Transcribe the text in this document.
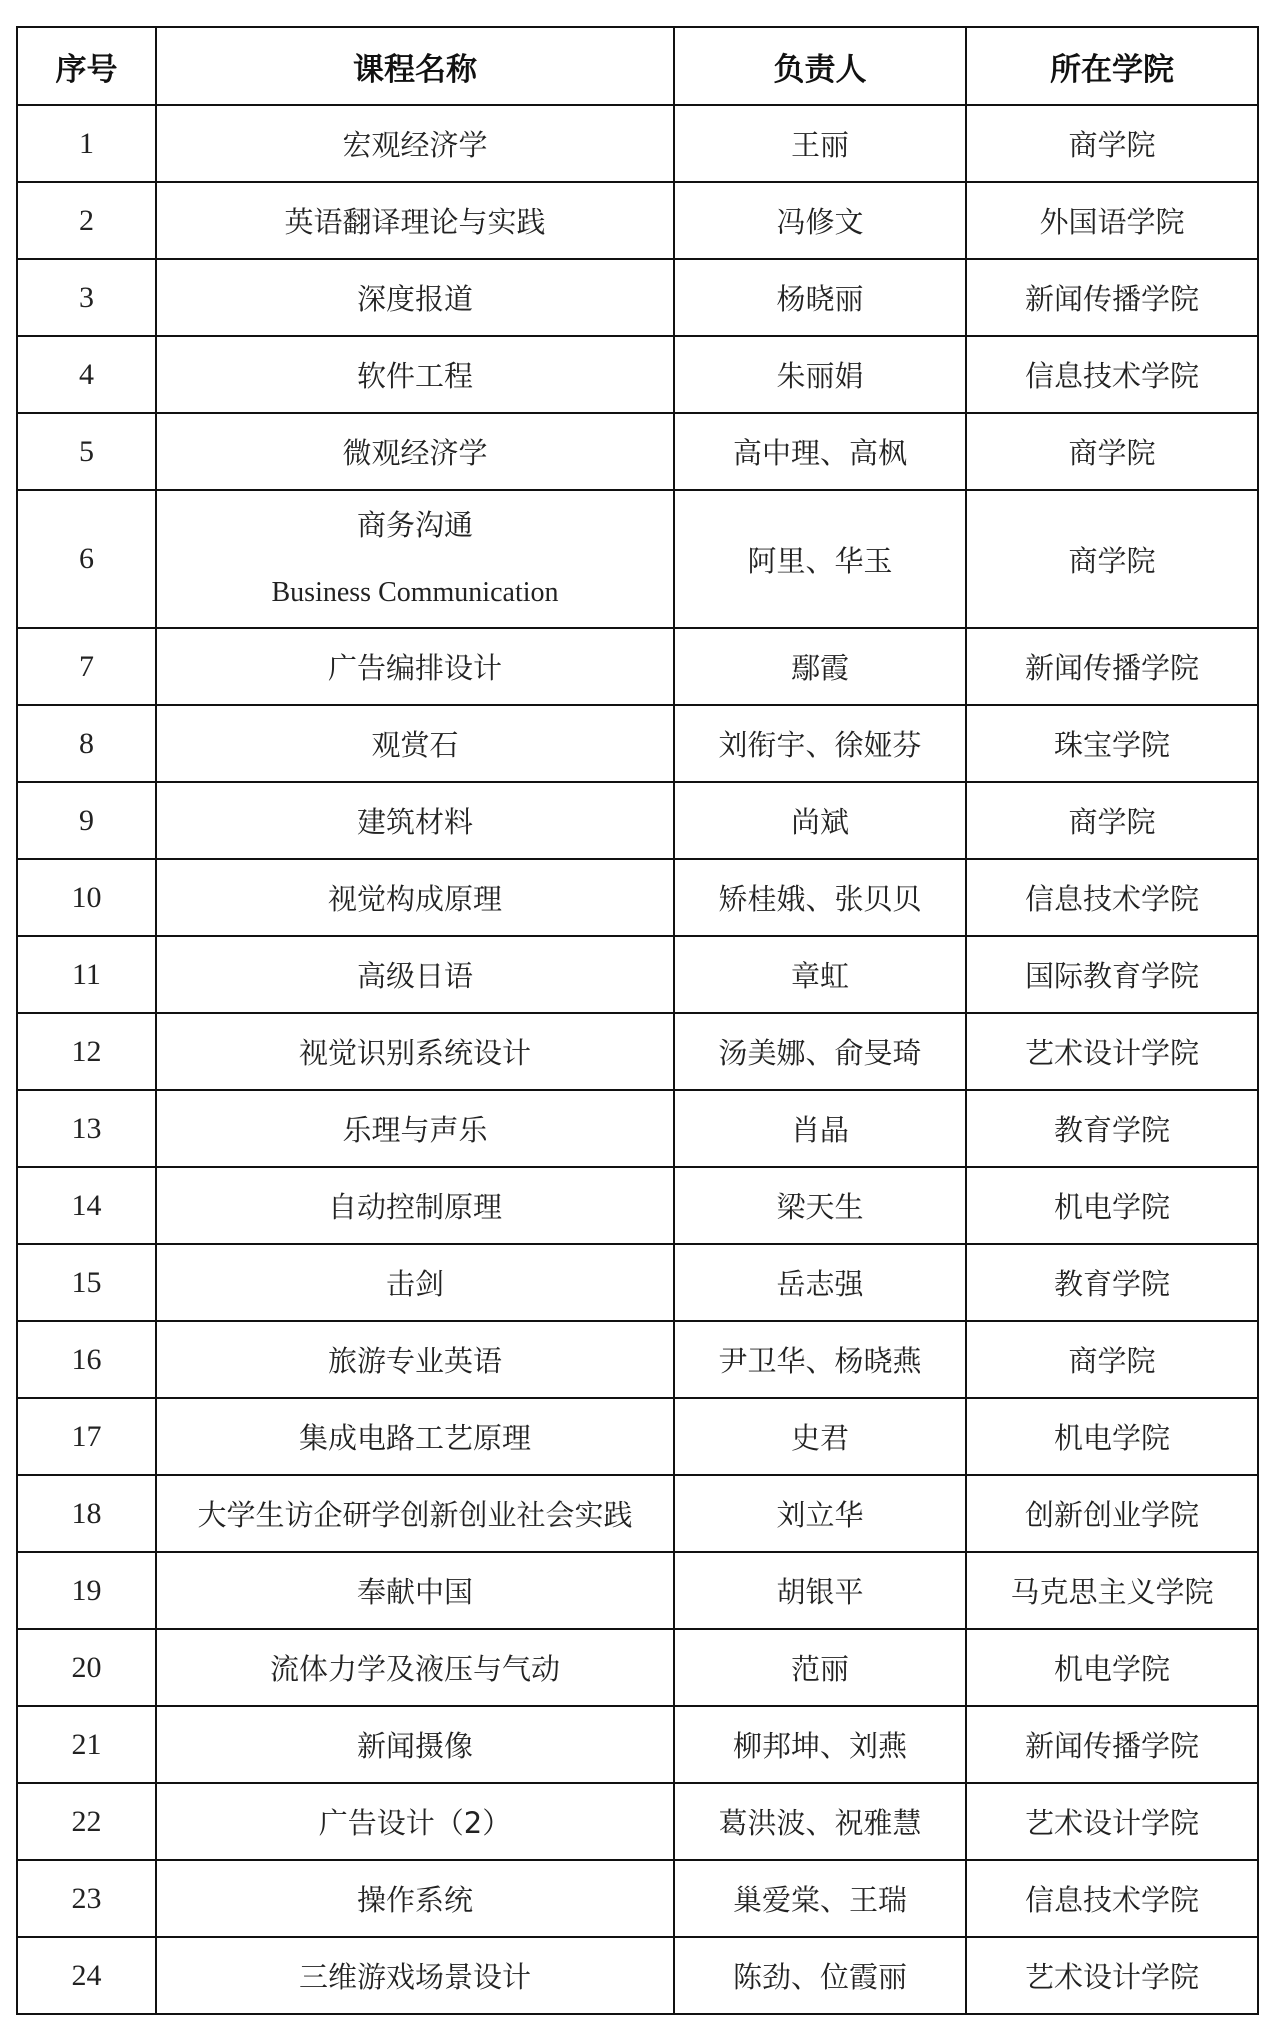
序号	课程名称	负责人	所在学院
1	宏观经济学	王丽	商学院
2	英语翻译理论与实践	冯修文	外国语学院
3	深度报道	杨晓丽	新闻传播学院
4	软件工程	朱丽娟	信息技术学院
5	微观经济学	高中理、高枫	商学院
6	商务沟通
Business Communication	阿里、华玉	商学院
7	广告编排设计	鄢霞	新闻传播学院
8	观赏石	刘衔宇、徐娅芬	珠宝学院
9	建筑材料	尚斌	商学院
10	视觉构成原理	矫桂娥、张贝贝	信息技术学院
11	高级日语	章虹	国际教育学院
12	视觉识别系统设计	汤美娜、俞旻琦	艺术设计学院
13	乐理与声乐	肖晶	教育学院
14	自动控制原理	梁天生	机电学院
15	击剑	岳志强	教育学院
16	旅游专业英语	尹卫华、杨晓燕	商学院
17	集成电路工艺原理	史君	机电学院
18	大学生访企研学创新创业社会实践	刘立华	创新创业学院
19	奉献中国	胡银平	马克思主义学院
20	流体力学及液压与气动	范丽	机电学院
21	新闻摄像	柳邦坤、刘燕	新闻传播学院
22	广告设计（2）	葛洪波、祝雅慧	艺术设计学院
23	操作系统	巢爱棠、王瑞	信息技术学院
24	三维游戏场景设计	陈劲、位霞丽	艺术设计学院
